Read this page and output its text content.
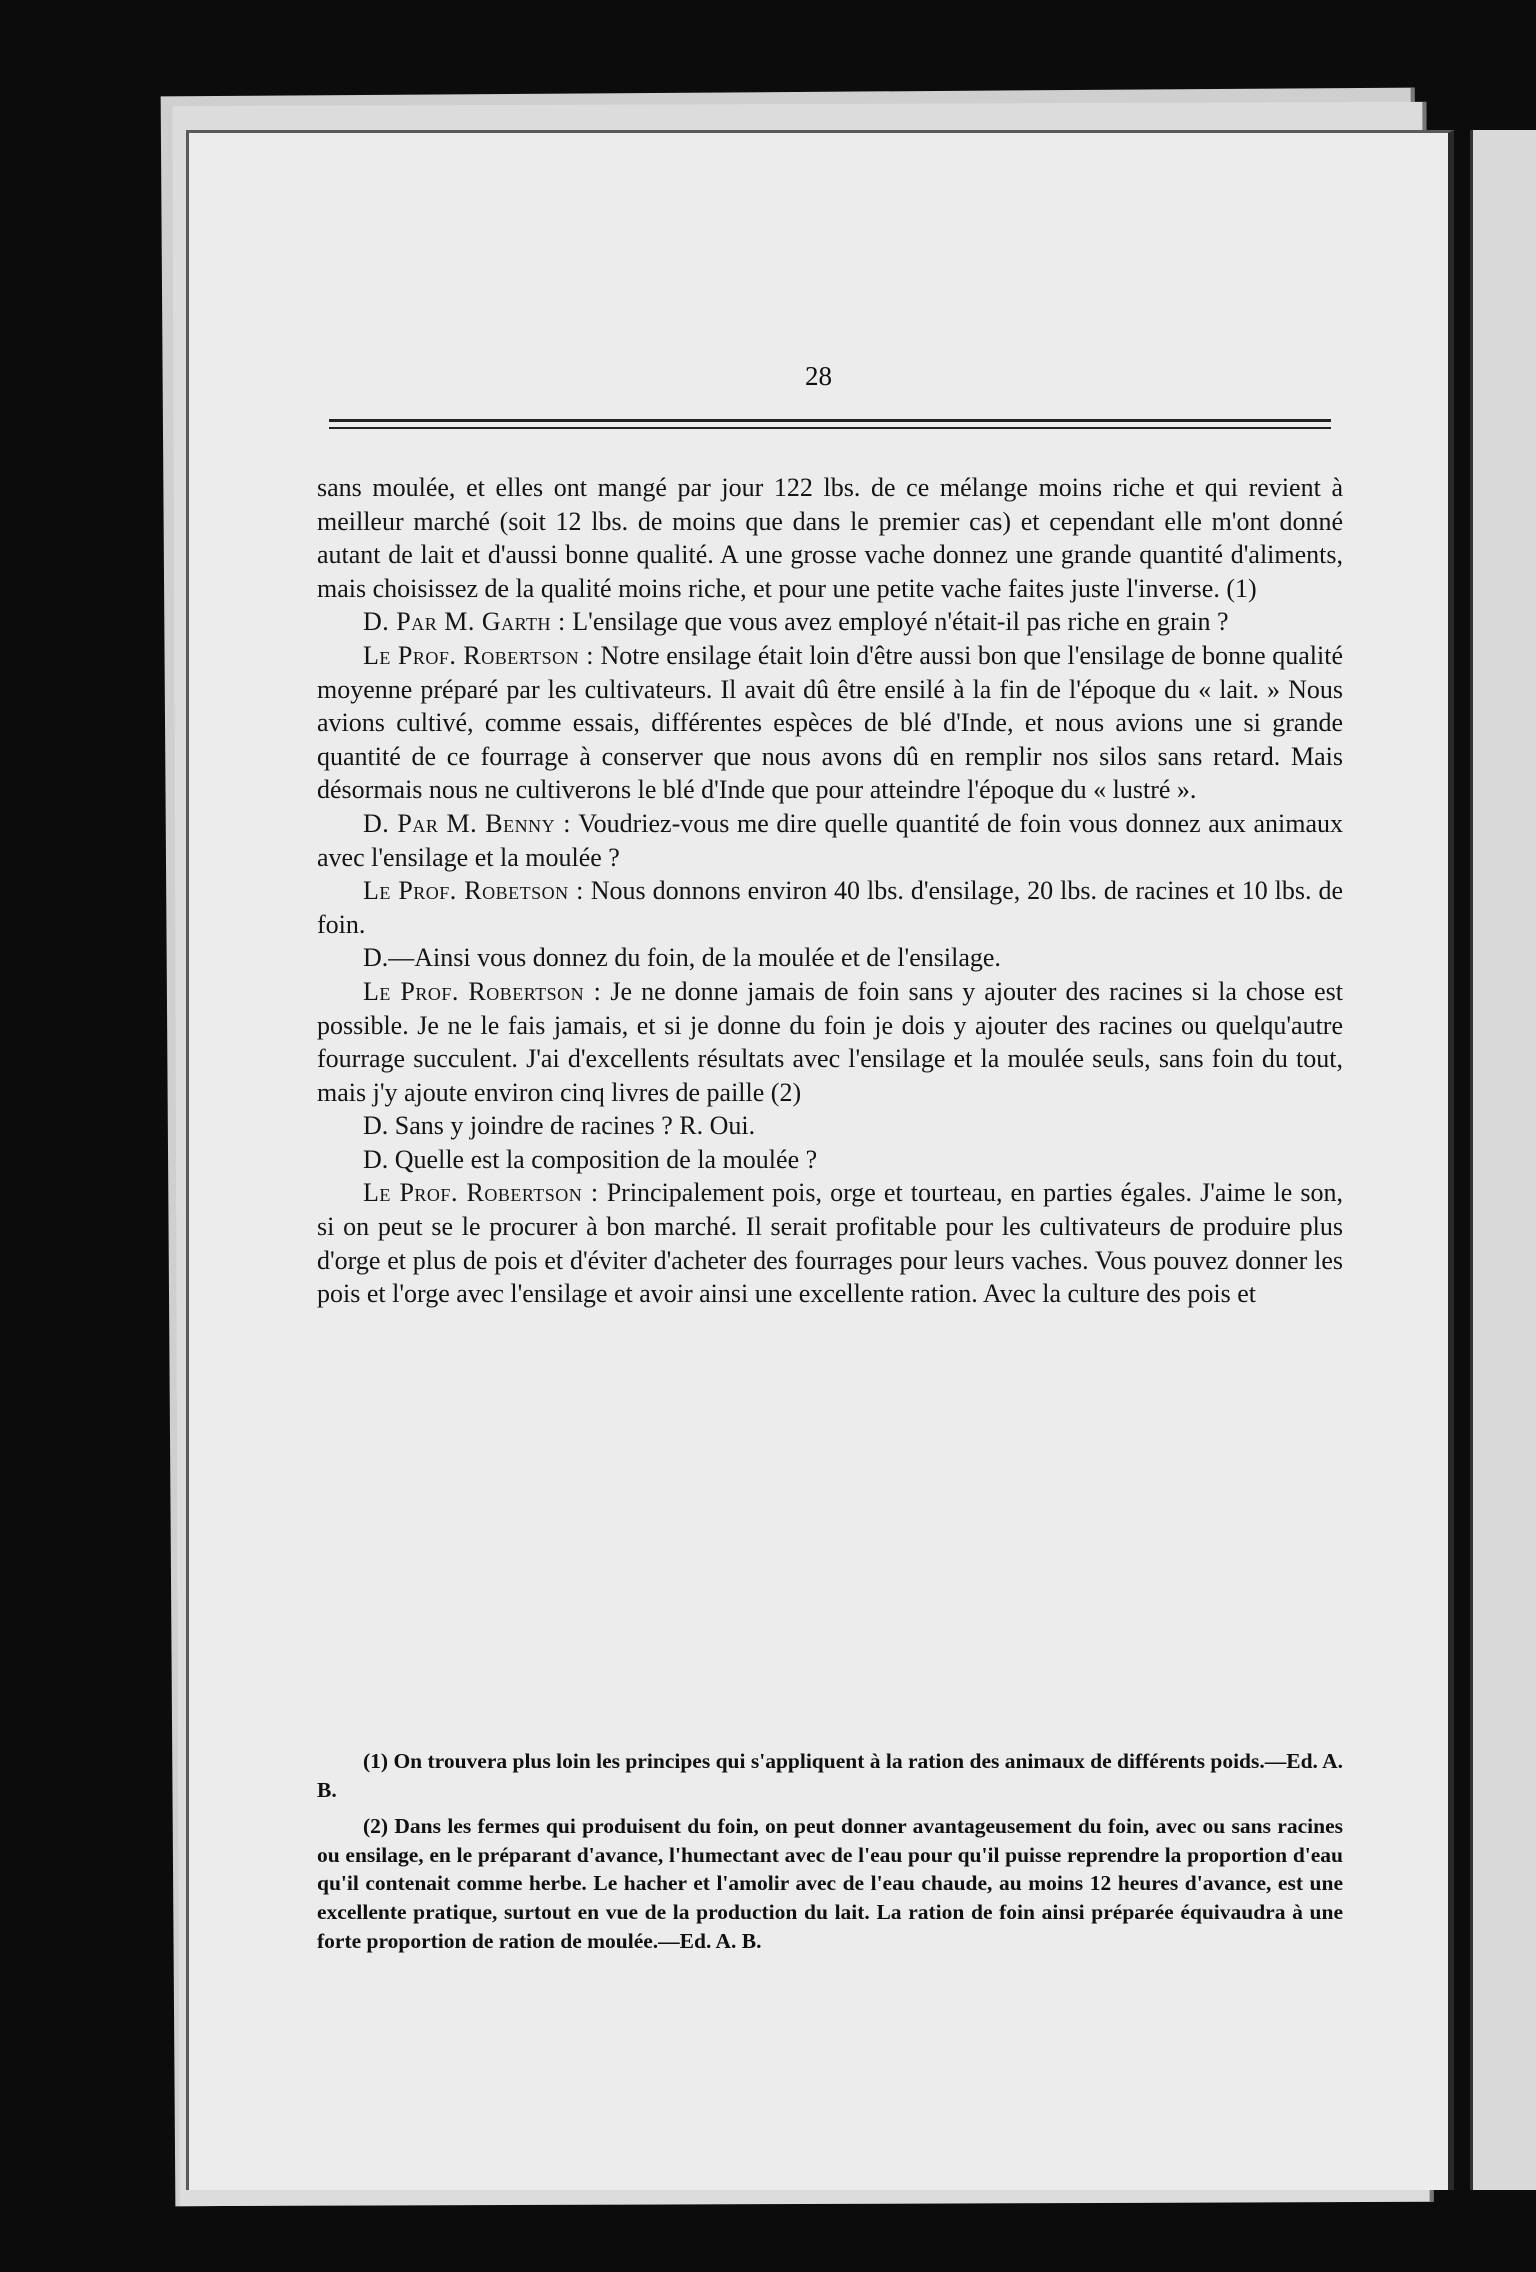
28

sans moulée, et elles ont mangé par jour 122 lbs. de ce mélange moins riche et qui revient à meilleur marché (soit 12 lbs. de moins que dans le premier cas) et cependant elle m'ont donné autant de lait et d'aussi bonne qualité. A une grosse vache donnez une grande quantité d'aliments, mais choisissez de la qualité moins riche, et pour une petite vache faites juste l'inverse. (1)

D. Par M. Garth : L'ensilage que vous avez employé n'était-il pas riche en grain ?

Le Prof. Robertson : Notre ensilage était loin d'être aussi bon que l'ensilage de bonne qualité moyenne préparé par les cultivateurs. Il avait dû être ensilé à la fin de l'époque du « lait. » Nous avions cultivé, comme essais, différentes espèces de blé d'Inde, et nous avions une si grande quantité de ce fourrage à conserver que nous avons dû en remplir nos silos sans retard. Mais désormais nous ne cultiverons le blé d'Inde que pour atteindre l'époque du « lustré ».

D. Par M. Benny : Voudriez-vous me dire quelle quantité de foin vous donnez aux animaux avec l'ensilage et la moulée ?

Le Prof. Robetson : Nous donnons environ 40 lbs. d'ensilage, 20 lbs. de racines et 10 lbs. de foin.

D.—Ainsi vous donnez du foin, de la moulée et de l'ensilage.

Le Prof. Robertson : Je ne donne jamais de foin sans y ajouter des racines si la chose est possible. Je ne le fais jamais, et si je donne du foin je dois y ajouter des racines ou quelqu'autre fourrage succulent. J'ai d'excellents résultats avec l'ensilage et la moulée seuls, sans foin du tout, mais j'y ajoute environ cinq livres de paille (2)

D. Sans y joindre de racines ? R. Oui.

D. Quelle est la composition de la moulée ?

Le Prof. Robertson : Principalement pois, orge et tourteau, en parties égales. J'aime le son, si on peut se le procurer à bon marché. Il serait profitable pour les cultivateurs de produire plus d'orge et plus de pois et d'éviter d'acheter des fourrages pour leurs vaches. Vous pouvez donner les pois et l'orge avec l'ensilage et avoir ainsi une excellente ration. Avec la culture des pois et

(1) On trouvera plus loin les principes qui s'appliquent à la ration des animaux de différents poids.—Ed. A. B.

(2) Dans les fermes qui produisent du foin, on peut donner avantageusement du foin, avec ou sans racines ou ensilage, en le préparant d'avance, l'humectant avec de l'eau pour qu'il puisse reprendre la proportion d'eau qu'il contenait comme herbe. Le hacher et l'amolir avec de l'eau chaude, au moins 12 heures d'avance, est une excellente pratique, surtout en vue de la production du lait. La ration de foin ainsi préparée équivaudra à une forte proportion de ration de moulée.—Ed. A. B.
